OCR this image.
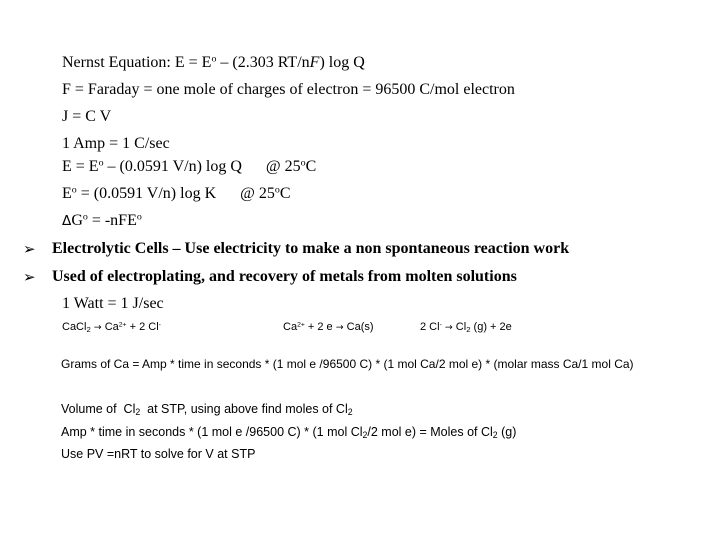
Nernst Equation: $E = E^o - (2.303$ RT/nF) log Q
F = Faraday = one mole of charges of electron = 96500 C/mol electron
J = C V
1 Amp = 1 C/sec
$E = E^o - (0.0591$ V/n) log Q      @ 25$^o$C
$E^o = (0.0591$ V/n) log K      @ 25$^o$C
$\Delta G^o = -nFE^o$
➢ Electrolytic Cells – Use electricity to make a non spontaneous reaction work
➢ Used of electroplating, and recovery of metals from molten solutions
1 Watt = 1 J/sec
CaCl$_2$ → $Ca^{2+} + 2$ Cl-	$Ca^{2+} + 2$ e → Ca(s)	2 $Cl^- \to Cl_2$ (g) + 2e
Grams of Ca = Amp * time in seconds * (1 mol e /96500 C) * (1 mol Ca/2 mol e) * (molar mass Ca/1 mol Ca)
Volume of  $Cl_2$  at STP, using above find moles of $Cl_2$
Amp * time in seconds * (1 mol e /96500 C) * (1 mol $Cl_2/2$ mol e) = Moles of $Cl_2$ (g)
Use PV =nRT to solve for V at STP
